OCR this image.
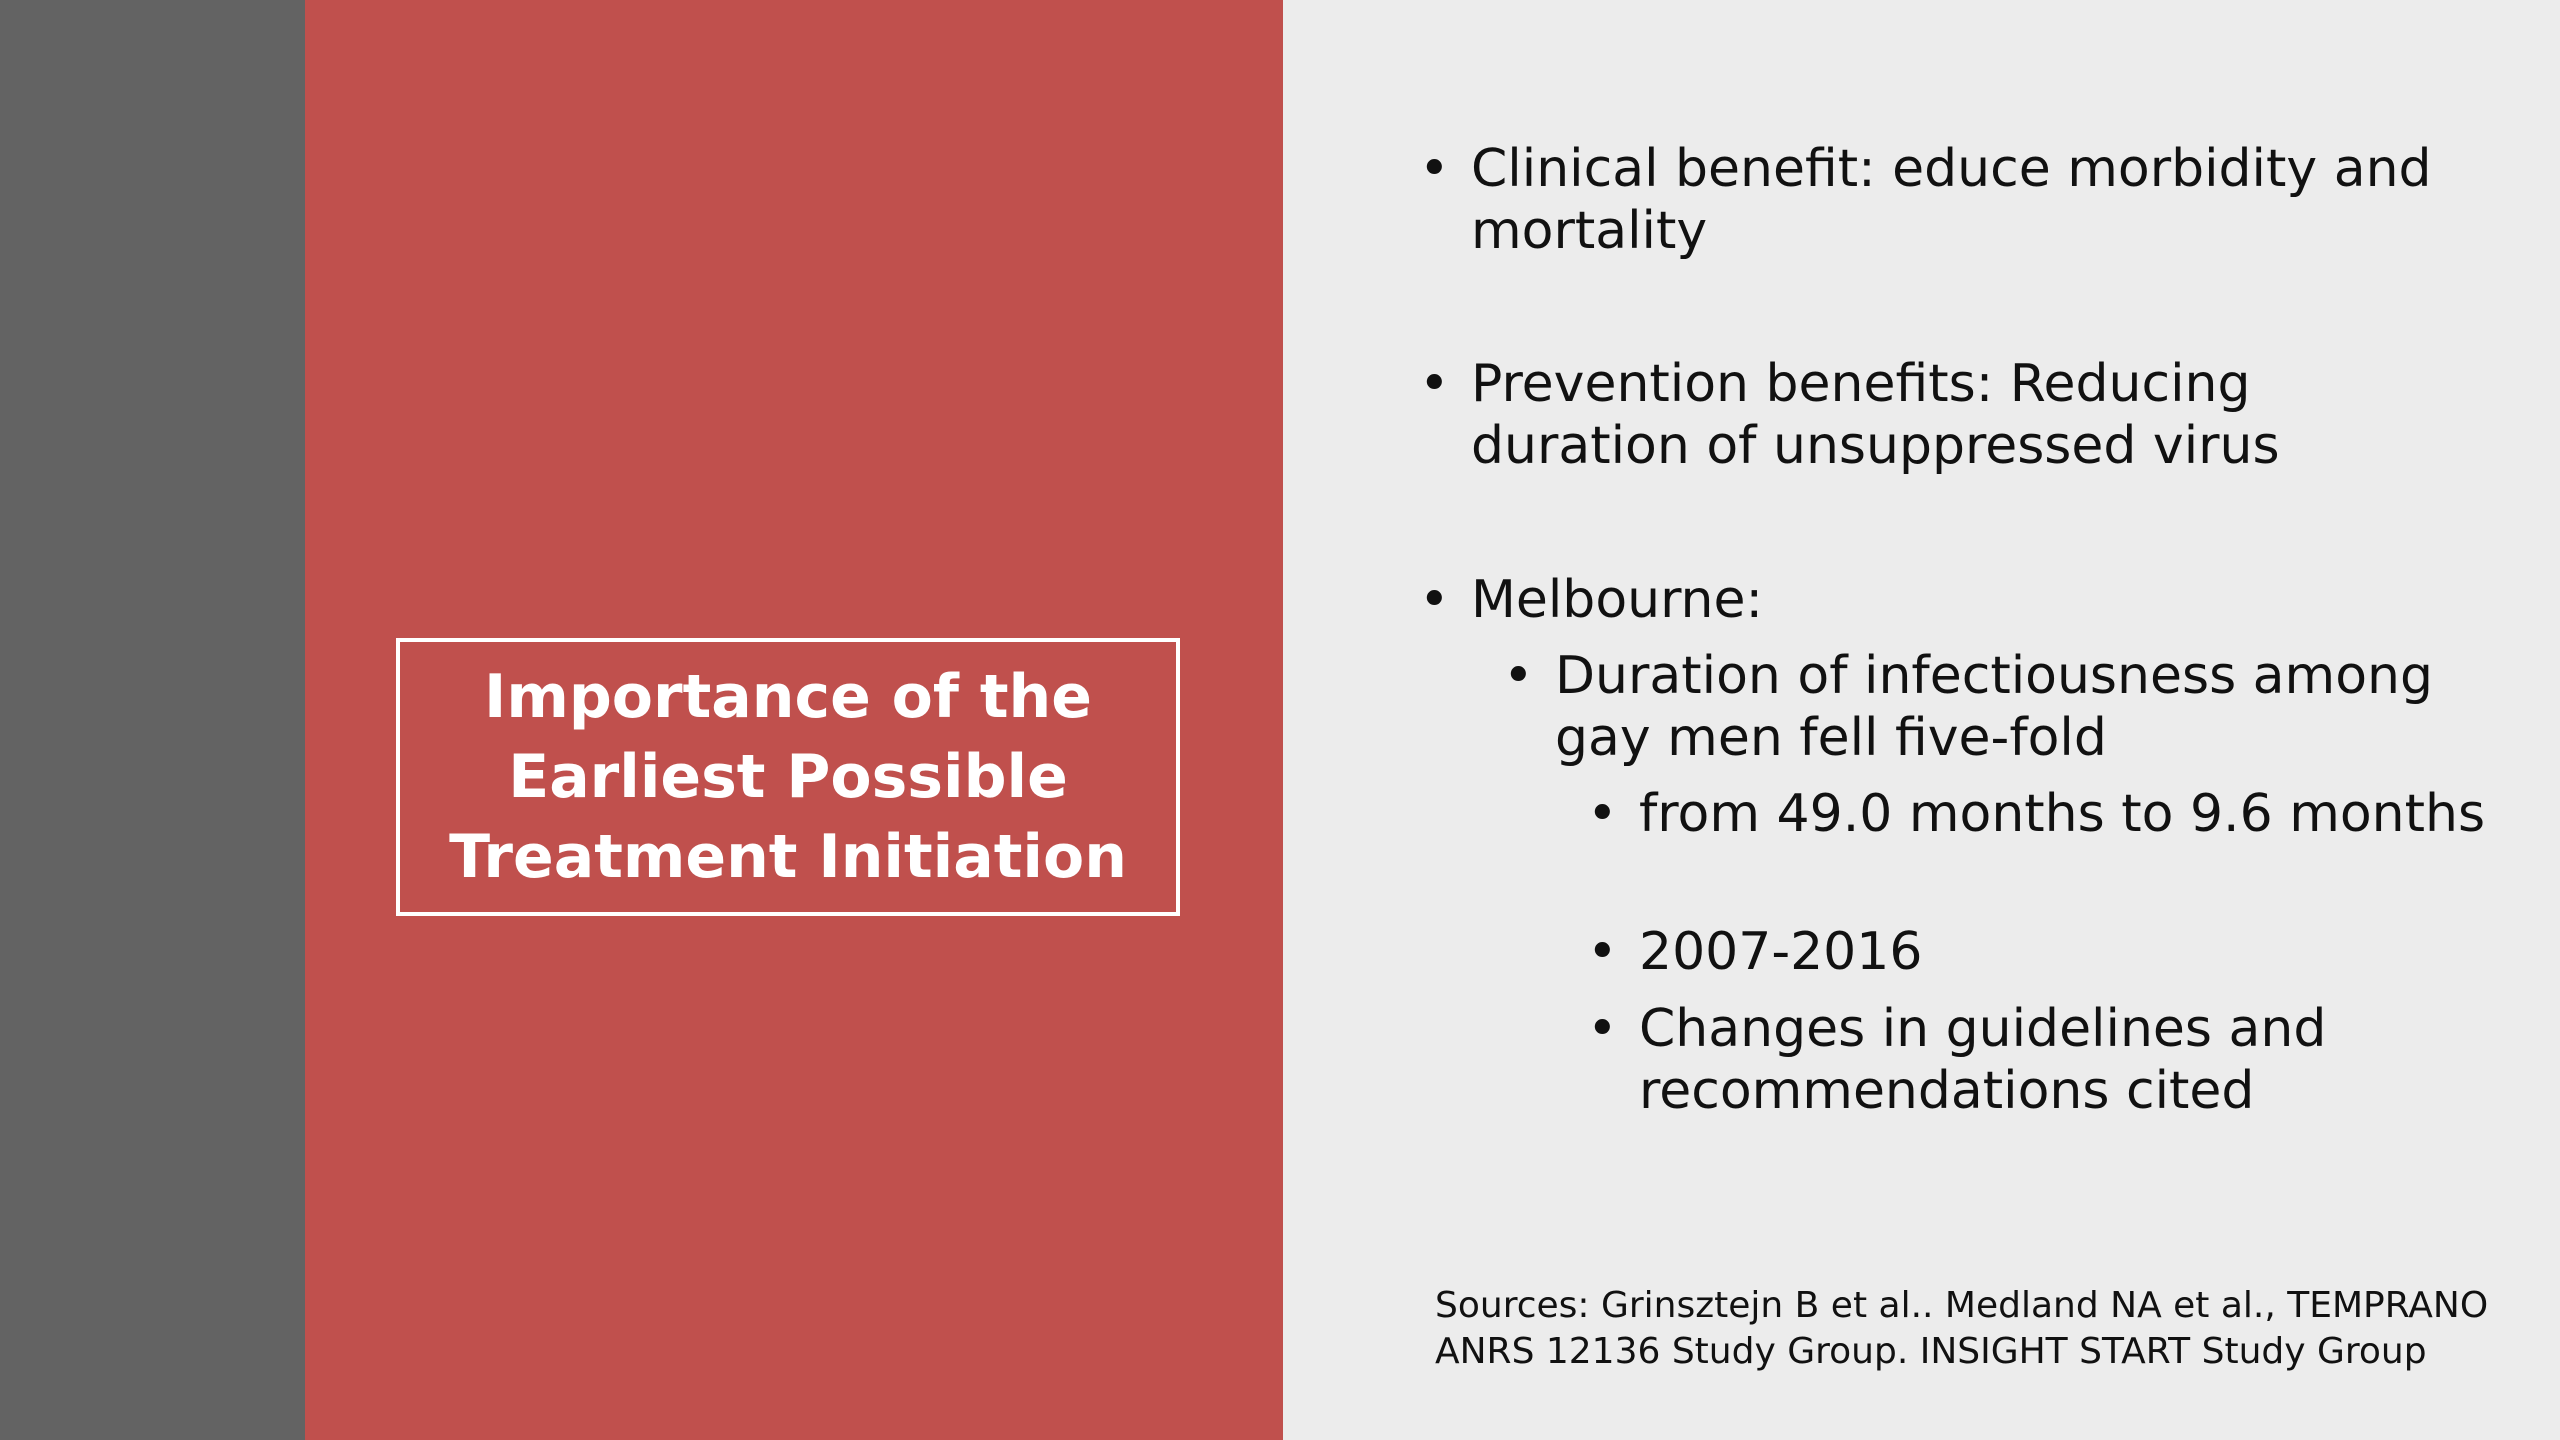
Importance of the
Earliest Possible
Treatment Initiation
• Clinical benefit: educe morbidity and mortality
• Prevention benefits: Reducing duration of unsuppressed virus
• Melbourne:
• Duration of infectiousness among gay men fell five-fold
• from 49.0 months to 9.6 months
• 2007-2016
• Changes in guidelines and recommendations cited
Sources: Grinsztejn B et al.. Medland NA et al., TEMPRANO
ANRS 12136 Study Group. INSIGHT START Study Group
